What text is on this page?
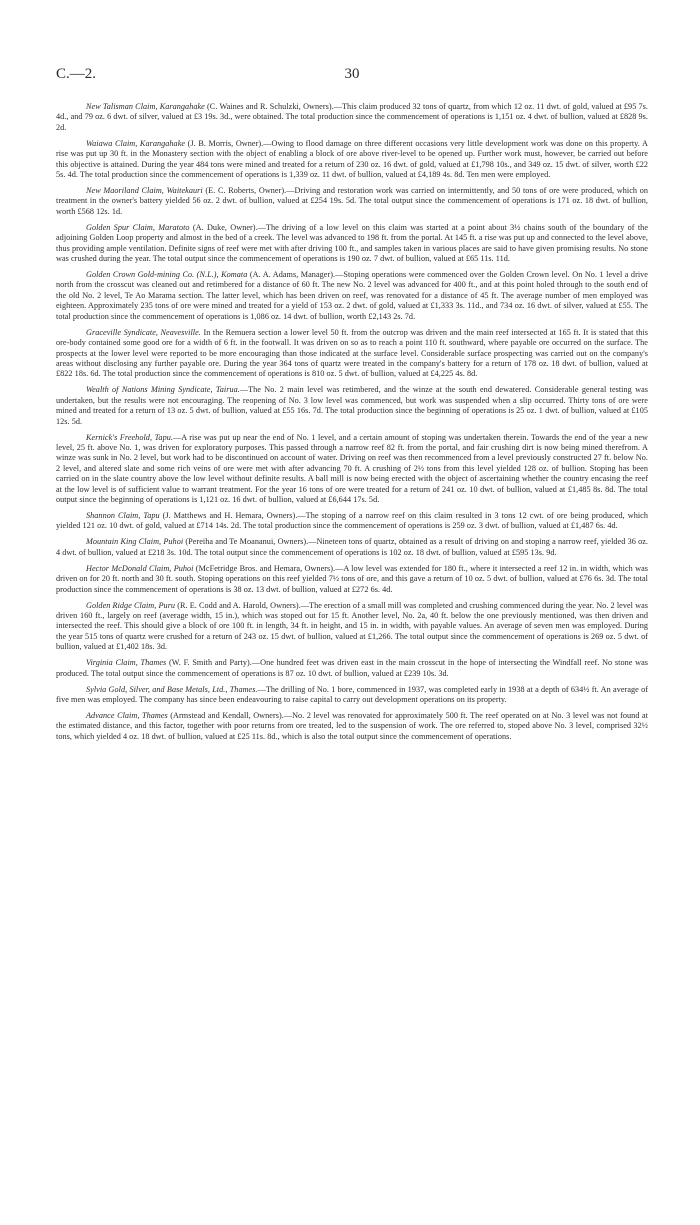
C.—2.	30

New Talisman Claim, Karangahake (C. Waines and R. Schulzki, Owners).—This claim produced 32 tons of quartz, from which 12 oz. 11 dwt. of gold, valued at £95 7s. 4d., and 79 oz. 6 dwt. of silver, valued at £3 19s. 3d., were obtained. The total production since the commencement of operations is 1,151 oz. 4 dwt. of bullion, valued at £828 9s. 2d.

Waiawa Claim, Karangahake (J. B. Morris, Owner).—Owing to flood damage on three different occasions very little development work was done on this property. A rise was put up 30 ft. in the Monastery section with the object of enabling a block of ore above river-level to be opened up. Further work must, however, be carried out before this objective is attained. During the year 484 tons were mined and treated for a return of 230 oz. 16 dwt. of gold, valued at £1,798 10s., and 349 oz. 15 dwt. of silver, worth £22 5s. 4d. The total production since the commencement of operations is 1,339 oz. 11 dwt. of bullion, valued at £4,189 4s. 8d. Ten men were employed.

New Maoriland Claim, Waitekauri (E. C. Roberts, Owner).—Driving and restoration work was carried on intermittently, and 50 tons of ore were produced, which on treatment in the owner's battery yielded 56 oz. 2 dwt. of bullion, valued at £254 19s. 5d. The total output since the commencement of operations is 171 oz. 18 dwt. of bullion, worth £568 12s. 1d.

Golden Spur Claim, Maratoto (A. Duke, Owner).—The driving of a low level on this claim was started at a point about 3½ chains south of the boundary of the adjoining Golden Loop property and almost in the bed of a creek. The level was advanced to 198 ft. from the portal. At 145 ft. a rise was put up and connected to the level above, thus providing ample ventilation. Definite signs of reef were met with after driving 100 ft., and samples taken in various places are said to have given promising results. No stone was crushed during the year. The total output since the commencement of operations is 190 oz. 7 dwt. of bullion, valued at £65 11s. 11d.

Golden Crown Gold-mining Co. (N.L.), Komata (A. A. Adams, Manager).—Stoping operations were commenced over the Golden Crown level. On No. 1 level a drive north from the crosscut was cleaned out and retimbered for a distance of 60 ft. The new No. 2 level was advanced for 400 ft., and at this point holed through to the south end of the old No. 2 level, Te Ao Marama section. The latter level, which has been driven on reef, was renovated for a distance of 45 ft. The average number of men employed was eighteen. Approximately 235 tons of ore were mined and treated for a yield of 153 oz. 2 dwt. of gold, valued at £1,333 3s. 11d., and 734 oz. 16 dwt. of silver, valued at £55. The total production since the commencement of operations is 1,086 oz. 14 dwt. of bullion, worth £2,143 2s. 7d.

Graceville Syndicate, Neavesville. In the Remuera section a lower level 50 ft. from the outcrop was driven and the main reef intersected at 165 ft. It is stated that this ore-body contained some good ore for a width of 6 ft. in the footwall. It was driven on so as to reach a point 110 ft. southward, where payable ore occurred on the surface. The prospects at the lower level were reported to be more encouraging than those indicated at the surface level. Considerable surface prospecting was carried out on the company's areas without disclosing any further payable ore. During the year 364 tons of quartz were treated in the company's battery for a return of 178 oz. 18 dwt. of bullion, valued at £822 18s. 6d. The total production since the commencement of operations is 810 oz. 5 dwt. of bullion, valued at £4,225 4s. 8d.

Wealth of Nations Mining Syndicate, Tairua.—The No. 2 main level was retimbered, and the winze at the south end dewatered. Considerable general testing was undertaken, but the results were not encouraging. The reopening of No. 3 low level was commenced, but work was suspended when a slip occurred. Thirty tons of ore were mined and treated for a return of 13 oz. 5 dwt. of bullion, valued at £55 16s. 7d. The total production since the beginning of operations is 25 oz. 1 dwt. of bullion, valued at £105 12s. 5d.

Kernick's Freehold, Tapu.—A rise was put up near the end of No. 1 level, and a certain amount of stoping was undertaken therein. Towards the end of the year a new level, 25 ft. above No. 1, was driven for exploratory purposes. This passed through a narrow reef 82 ft. from the portal, and fair crushing dirt is now being mined therefrom. A winze was sunk in No. 2 level, but work had to be discontinued on account of water. Driving on reef was then recommenced from a level previously constructed 27 ft. below No. 2 level, and altered slate and some rich veins of ore were met with after advancing 70 ft. A crushing of 2½ tons from this level yielded 128 oz. of bullion. Stoping has been carried on in the slate country above the low level without definite results. A ball mill is now being erected with the object of ascertaining whether the country encasing the reef at the low level is of sufficient value to warrant treatment. For the year 16 tons of ore were treated for a return of 241 oz. 10 dwt. of bullion, valued at £1,485 8s. 8d. The total output since the beginning of operations is 1,121 oz. 16 dwt. of bullion, valued at £6,644 17s. 5d.

Shannon Claim, Tapu (J. Matthews and H. Hemara, Owners).—The stoping of a narrow reef on this claim resulted in 3 tons 12 cwt. of ore being produced, which yielded 121 oz. 10 dwt. of gold, valued at £714 14s. 2d. The total production since the commencement of operations is 259 oz. 3 dwt. of bullion, valued at £1,487 6s. 4d.

Mountain King Claim, Puhoi (Pereiha and Te Moananui, Owners).—Nineteen tons of quartz, obtained as a result of driving on and stoping a narrow reef, yielded 36 oz. 4 dwt. of bullion, valued at £218 3s. 10d. The total output since the commencement of operations is 102 oz. 18 dwt. of bullion, valued at £595 13s. 9d.

Hector McDonald Claim, Puhoi (McFetridge Bros. and Hemara, Owners).—A low level was extended for 180 ft., where it intersected a reef 12 in. in width, which was driven on for 20 ft. north and 30 ft. south. Stoping operations on this reef yielded 7½ tons of ore, and this gave a return of 10 oz. 5 dwt. of bullion, valued at £76 6s. 3d. The total production since the commencement of operations is 38 oz. 13 dwt. of bullion, valued at £272 6s. 4d.

Golden Ridge Claim, Puru (R. E. Codd and A. Harold, Owners).—The erection of a small mill was completed and crushing commenced during the year. No. 2 level was driven 160 ft., largely on reef (average width, 15 in.), which was stoped out for 15 ft. Another level, No. 2a, 40 ft. below the one previously mentioned, was then driven and intersected the reef. This should give a block of ore 100 ft. in length, 34 ft. in height, and 15 in. in width, with payable values. An average of seven men was employed. During the year 515 tons of quartz were crushed for a return of 243 oz. 15 dwt. of bullion, valued at £1,266. The total output since the commencement of operations is 269 oz. 5 dwt. of bullion, valued at £1,402 18s. 3d.

Virginia Claim, Thames (W. F. Smith and Party).—One hundred feet was driven east in the main crosscut in the hope of intersecting the Windfall reef. No stone was produced. The total output since the commencement of operations is 87 oz. 10 dwt. of bullion, valued at £239 10s. 3d.

Sylvia Gold, Silver, and Base Metals, Ltd., Thames.—The drilling of No. 1 bore, commenced in 1937, was completed early in 1938 at a depth of 634½ ft. An average of five men was employed. The company has since been endeavouring to raise capital to carry out development operations on its property.

Advance Claim, Thames (Armstead and Kendall, Owners).—No. 2 level was renovated for approximately 500 ft. The reef operated on at No. 3 level was not found at the estimated distance, and this factor, together with poor returns from ore treated, led to the suspension of work. The ore referred to, stoped above No. 3 level, comprised 32½ tons, which yielded 4 oz. 18 dwt. of bullion, valued at £25 11s. 8d., which is also the total output since the commencement of operations.
